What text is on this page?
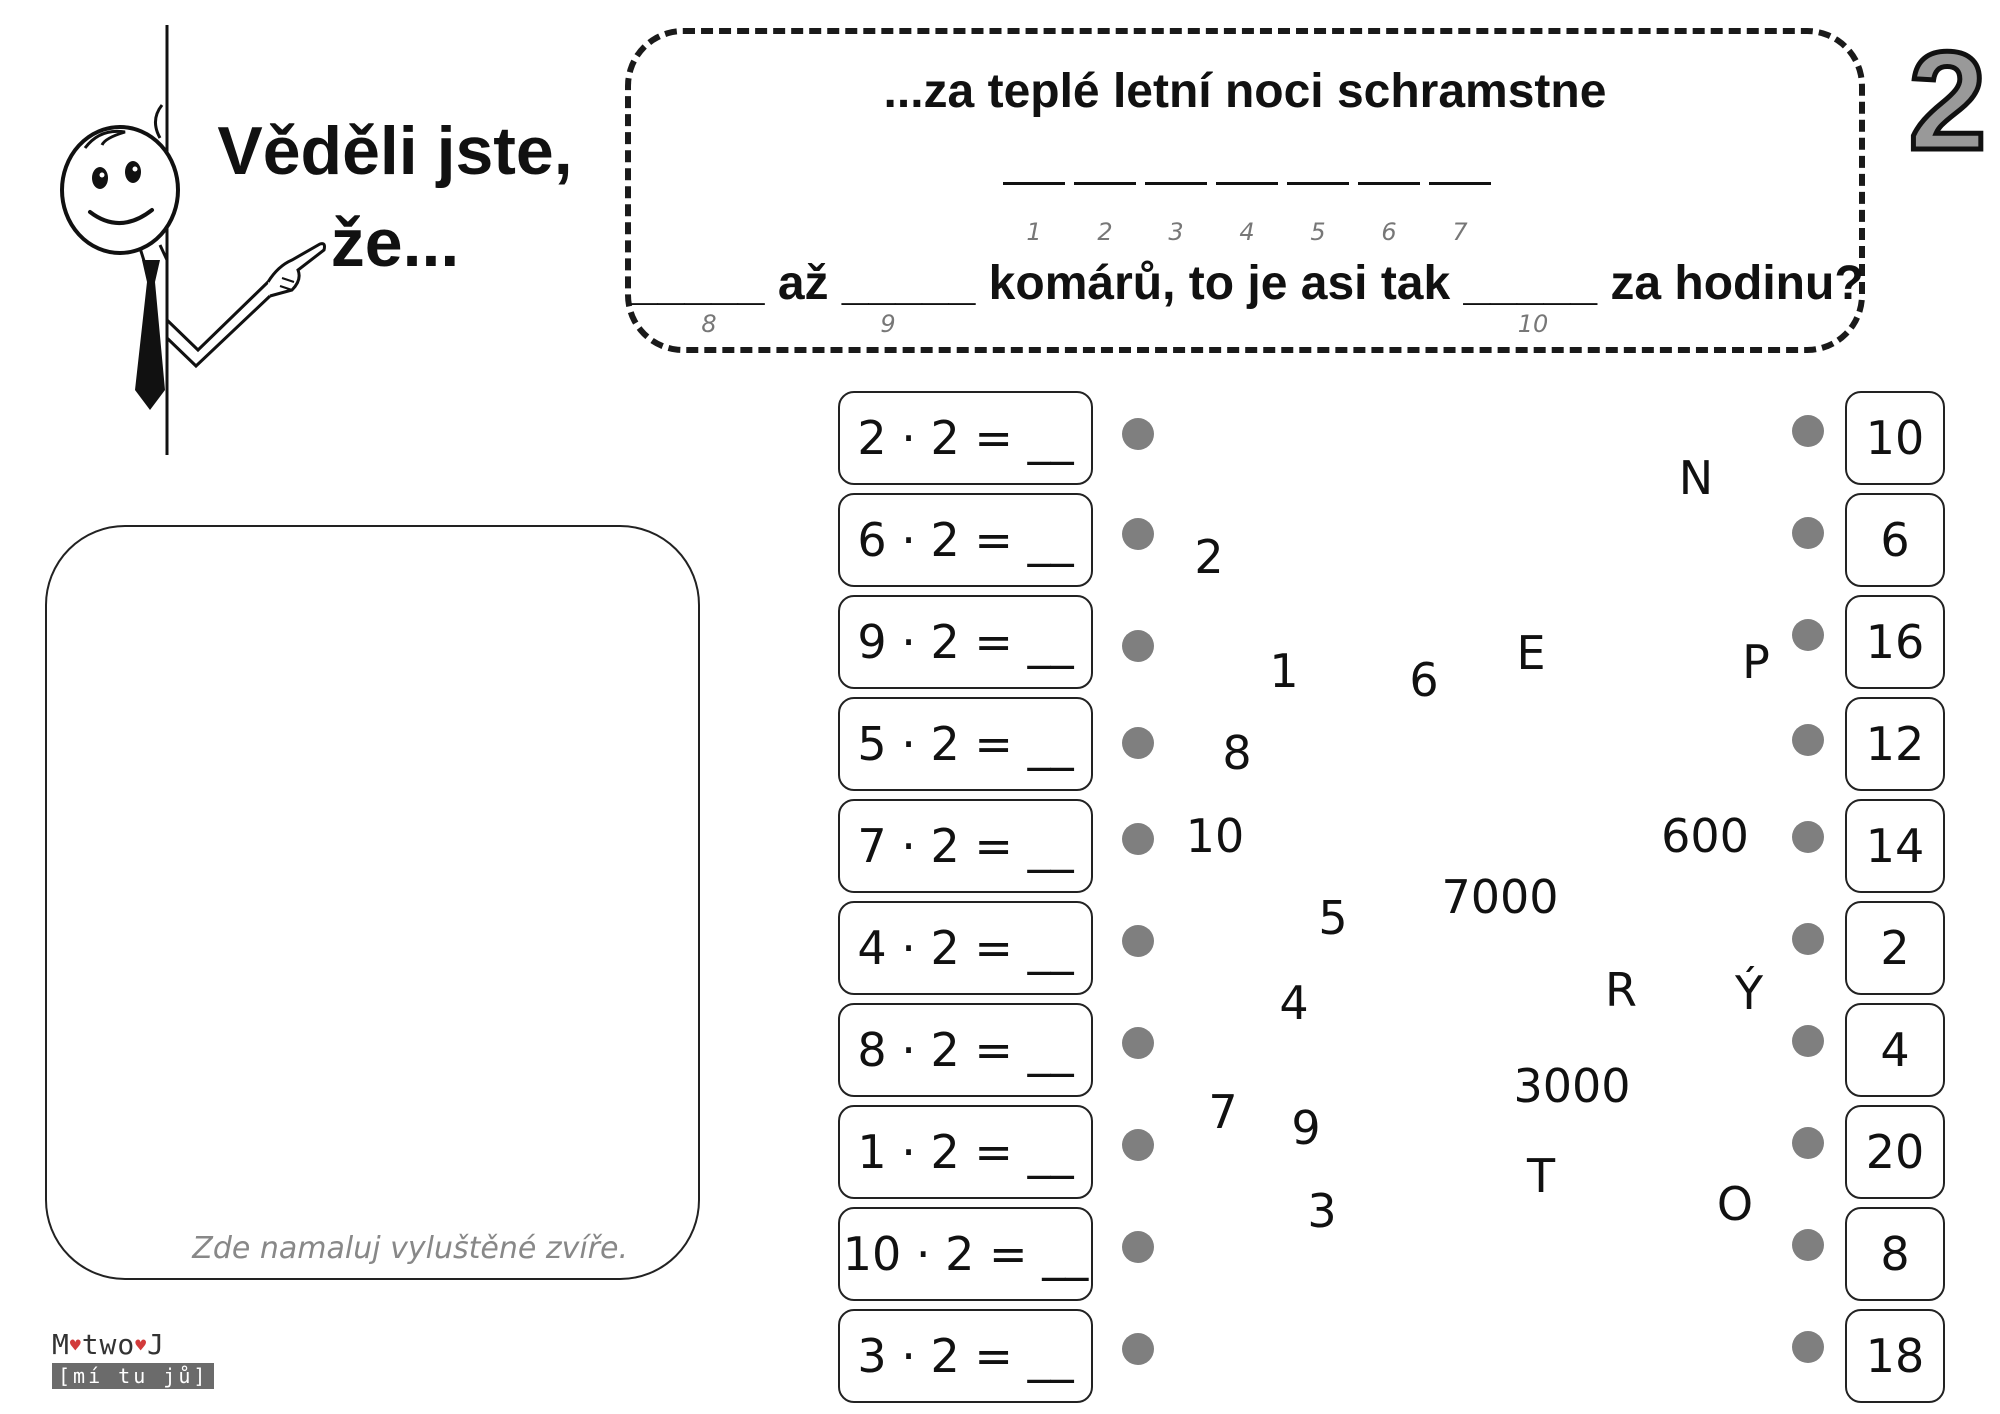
Věděli jste,
že...
...za teplé letní noci schramstne
1	2	3	4	5	6	7
_____ až _____ komárů, to je asi tak _____ za hodinu?
8	9	10
2
Zde namaluj vyluštěné zvíře.
M♥two♥J
[mí tu jů]
2 · 2 = __
6 · 2 = __
9 · 2 = __
5 · 2 = __
7 · 2 = __
4 · 2 = __
8 · 2 = __
1 · 2 = __
10 · 2 = __
3 · 2 = __
10
6
16
12
14
2
4
20
8
18
N
2
1 6 E	P
8
10	600
5 7000
4	R Ý
3000
7 9
T
O
3
